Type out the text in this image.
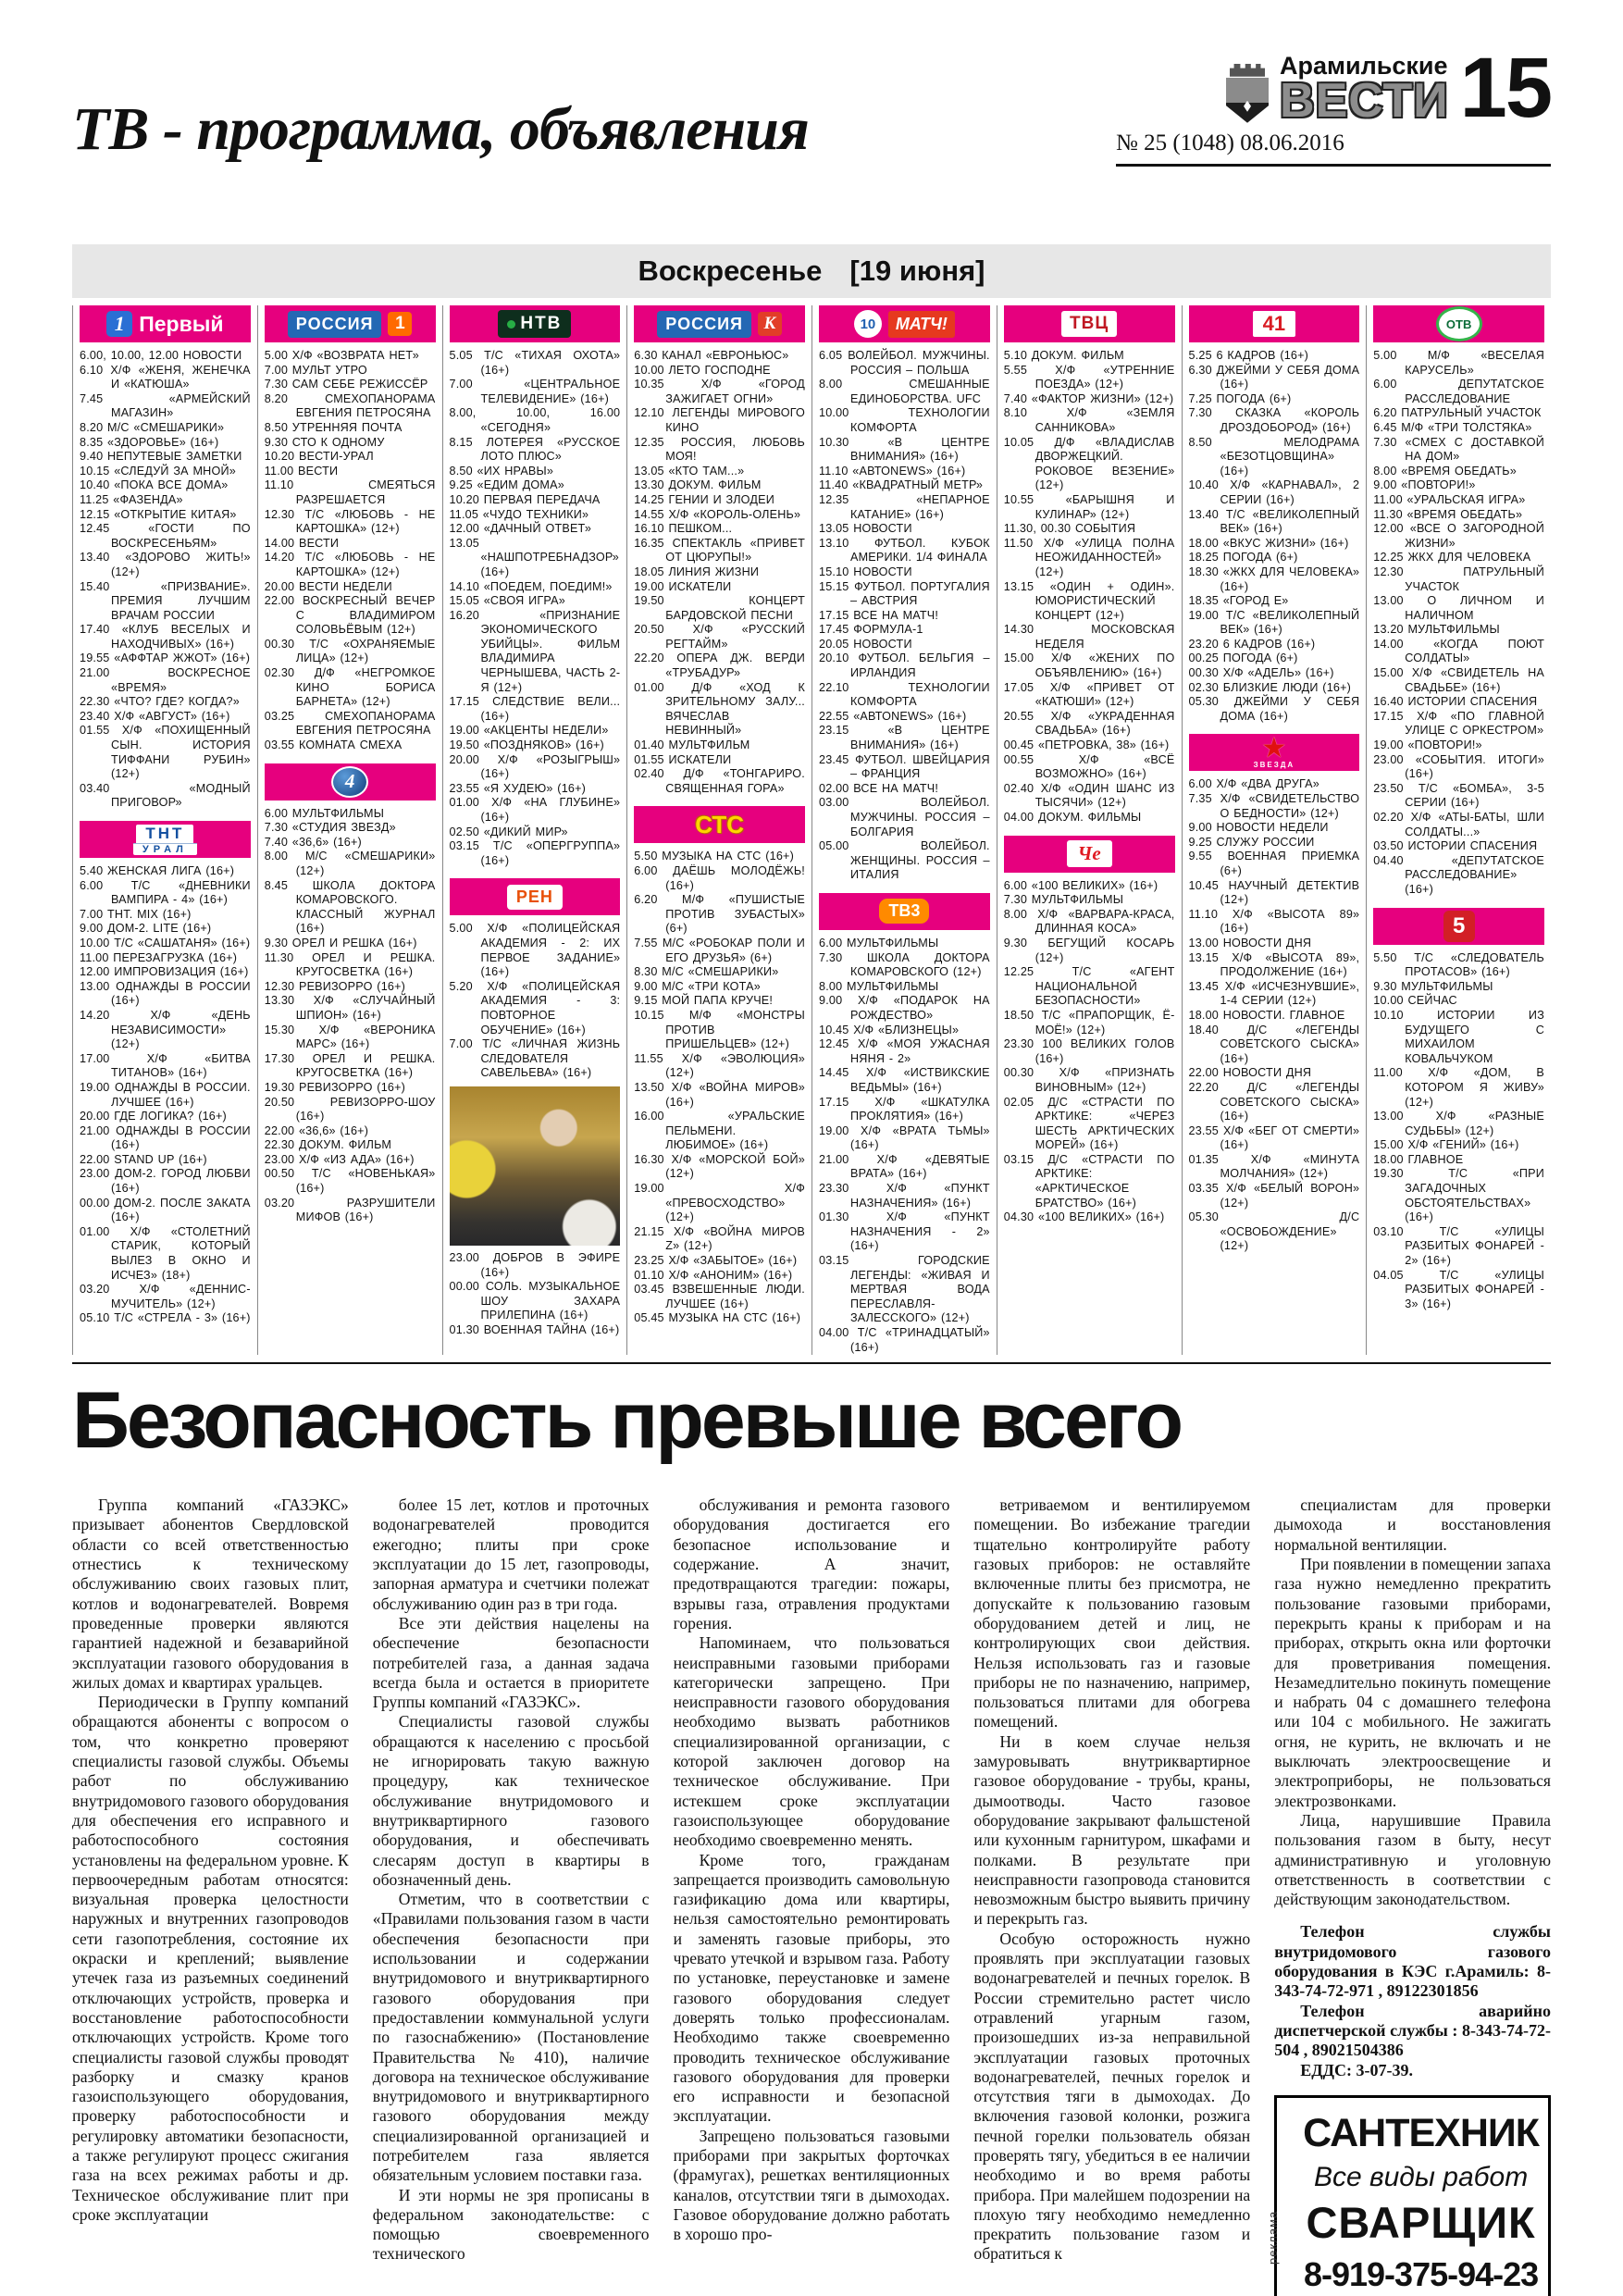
ТВ - программа, объявления
Арамильские
ВЕСТИ 15
№ 25 (1048) 08.06.2016
Воскресенье [19 июня]
1 Первый

6.00, 10.00, 12.00 НОВОСТИ

6.10 Х/Ф «ЖЕНЯ, ЖЕНЕЧКА И «КАТЮША»

7.45 «АРМЕЙСКИЙ МАГАЗИН»

8.20 М/С «СМЕШАРИКИ»

8.35 «ЗДОРОВЬЕ» (16+)

9.40 НЕПУТЕВЫЕ ЗАМЕТКИ

10.15 «СЛЕДУЙ ЗА МНОЙ»

10.40 «ПОКА ВСЕ ДОМА»

11.25 «ФАЗЕНДА»

12.15 «ОТКРЫТИЕ КИТАЯ»

12.45 «ГОСТИ ПО ВОСКРЕСЕНЬЯМ»

13.40 «ЗДОРОВО ЖИТЬ!» (12+)

15.40 «ПРИЗВАНИЕ». ПРЕМИЯ ЛУЧШИМ ВРАЧАМ РОССИИ

17.40 «КЛУБ ВЕСЕЛЫХ И НАХОДЧИВЫХ» (16+)

19.55 «АФФТАР ЖЖОТ» (16+)

21.00 ВОСКРЕСНОЕ «ВРЕМЯ»

22.30 «ЧТО? ГДЕ? КОГДА?»

23.40 Х/Ф «АВГУСТ» (16+)

01.55 Х/Ф «ПОХИЩЕННЫЙ СЫН. ИСТОРИЯ ТИФФАНИ РУБИН» (12+)

03.40 «МОДНЫЙ ПРИГОВОР»

ТНТ
УРАЛ

5.40 ЖЕНСКАЯ ЛИГА (16+)

6.00 Т/С «ДНЕВНИКИ ВАМПИРА - 4» (16+)

7.00 ТНТ. MIX (16+)

9.00 ДОМ-2. LITE (16+)

10.00 Т/С «САШАТАНЯ» (16+)

11.00 ПЕРЕЗАГРУЗКА (16+)

12.00 ИМПРОВИЗАЦИЯ (16+)

13.00 ОДНАЖДЫ В РОССИИ (16+)

14.20 Х/Ф «ДЕНЬ НЕЗАВИСИМОСТИ» (12+)

17.00 Х/Ф «БИТВА ТИТАНОВ» (16+)

19.00 ОДНАЖДЫ В РОССИИ. ЛУЧШЕЕ (16+)

20.00 ГДЕ ЛОГИКА? (16+)

21.00 ОДНАЖДЫ В РОССИИ (16+)

22.00 STAND UP (16+)

23.00 ДОМ-2. ГОРОД ЛЮБВИ (16+)

00.00 ДОМ-2. ПОСЛЕ ЗАКАТА (16+)

01.00 Х/Ф «СТОЛЕТНИЙ СТАРИК, КОТОРЫЙ ВЫЛЕЗ В ОКНО И ИСЧЕЗ» (18+)

03.20 Х/Ф «ДЕННИС-МУЧИТЕЛЬ» (12+)

05.10 Т/С «СТРЕЛА - 3» (16+)

1
РОССИЯ

5.00 Х/Ф «ВОЗВРАТА НЕТ»

7.00 МУЛЬТ УТРО

7.30 САМ СЕБЕ РЕЖИССЁР

8.20 СМЕХОПАНОРАМА ЕВГЕНИЯ ПЕТРОСЯНА

8.50 УТРЕННЯЯ ПОЧТА

9.30 СТО К ОДНОМУ

10.20 ВЕСТИ-УРАЛ

11.00 ВЕСТИ

11.10 СМЕЯТЬСЯ РАЗРЕШАЕТСЯ

12.30 Т/С «ЛЮБОВЬ - НЕ КАРТОШКА» (12+)

14.00 ВЕСТИ

14.20 Т/С «ЛЮБОВЬ - НЕ КАРТОШКА» (12+)

20.00 ВЕСТИ НЕДЕЛИ

22.00 ВОСКРЕСНЫЙ ВЕЧЕР С ВЛАДИМИРОМ СОЛОВЬЁВЫМ (12+)

00.30 Т/С «ОХРАНЯЕМЫЕ ЛИЦА» (12+)

02.30 Д/Ф «НЕГРОМКОЕ КИНО БОРИСА БАРНЕТА» (12+)

03.25 СМЕХОПАНОРАМА ЕВГЕНИЯ ПЕТРОСЯНА

03.55 КОМНАТА СМЕХА

4

6.00 МУЛЬТФИЛЬМЫ

7.30 «СТУДИЯ ЗВЕЗД»

7.40 «36,6» (16+)

8.00 М/С «СМЕШАРИКИ» (12+)

8.45 ШКОЛА ДОКТОРА КОМАРОВСКОГО. КЛАССНЫЙ ЖУРНАЛ (16+)

9.30 ОРЕЛ И РЕШКА (16+)

11.30 ОРЕЛ И РЕШКА. КРУГОСВЕТКА (16+)

12.30 РЕВИЗОРРО (16+)

13.30 Х/Ф «СЛУЧАЙНЫЙ ШПИОН» (16+)

15.30 Х/Ф «ВЕРОНИКА МАРС» (16+)

17.30 ОРЕЛ И РЕШКА. КРУГОСВЕТКА (16+)

19.30 РЕВИЗОРРО (16+)

20.50 РЕВИЗОРРО-ШОУ (16+)

22.00 «36,6» (16+)

22.30 ДОКУМ. ФИЛЬМ

23.00 Х/Ф «ИЗ АДА» (16+)

00.50 Т/С «НОВЕНЬКАЯ» (16+)

03.20 РАЗРУШИТЕЛИ МИФОВ (16+)

НТВ

5.05 Т/С «ТИХАЯ ОХОТА» (16+)

7.00 «ЦЕНТРАЛЬНОЕ ТЕЛЕВИДЕНИЕ» (16+)

8.00, 10.00, 16.00 «СЕГОДНЯ»

8.15 ЛОТЕРЕЯ «РУССКОЕ ЛОТО ПЛЮС»

8.50 «ИХ НРАВЫ»

9.25 «ЕДИМ ДОМА»

10.20 ПЕРВАЯ ПЕРЕДАЧА

11.05 «ЧУДО ТЕХНИКИ»

12.00 «ДАЧНЫЙ ОТВЕТ»

13.05 «НАШПОТРЕБНАДЗОР» (16+)

14.10 «ПОЕДЕМ, ПОЕДИМ!»

15.05 «СВОЯ ИГРА»

16.20 «ПРИЗНАНИЕ ЭКОНОМИЧЕСКОГО УБИЙЦЫ». ФИЛЬМ ВЛАДИМИРА ЧЕРНЫШЕВА, ЧАСТЬ 2-Я (12+)

17.15 СЛЕДСТВИЕ ВЕЛИ... (16+)

19.00 «АКЦЕНТЫ НЕДЕЛИ»

19.50 «ПОЗДНЯКОВ» (16+)

20.00 Х/Ф «РОЗЫГРЫШ» (16+)

23.55 «Я ХУДЕЮ» (16+)

01.00 Х/Ф «НА ГЛУБИНЕ» (16+)

02.50 «ДИКИЙ МИР»

03.15 Т/С «ОПЕРГРУППА» (16+)

РЕН

5.00 Х/Ф «ПОЛИЦЕЙСКАЯ АКАДЕМИЯ - 2: ИХ ПЕРВОЕ ЗАДАНИЕ» (16+)

5.20 Х/Ф «ПОЛИЦЕЙСКАЯ АКАДЕМИЯ - 3: ПОВТОРНОЕ ОБУЧЕНИЕ» (16+)

7.00 Т/С «ЛИЧНАЯ ЖИЗНЬ СЛЕДОВАТЕЛЯ САВЕЛЬЕВА» (16+)

23.00 ДОБРОВ В ЭФИРЕ (16+)

00.00 СОЛЬ. МУЗЫКАЛЬНОЕ ШОУ ЗАХАРА ПРИЛЕПИНА (16+)

01.30 ВОЕННАЯ ТАЙНА (16+)

К
РОССИЯ

6.30 КАНАЛ «ЕВРОНЬЮС»

10.00 ЛЕТО ГОСПОДНЕ

10.35 Х/Ф «ГОРОД ЗАЖИГАЕТ ОГНИ»

12.10 ЛЕГЕНДЫ МИРОВОГО КИНО

12.35 РОССИЯ, ЛЮБОВЬ МОЯ!

13.05 «КТО ТАМ...»

13.30 ДОКУМ. ФИЛЬМ

14.25 ГЕНИИ И ЗЛОДЕИ

14.55 Х/Ф «КОРОЛЬ-ОЛЕНЬ»

16.10 ПЕШКОМ...

16.35 СПЕКТАКЛЬ «ПРИВЕТ ОТ ЦЮРУПЫ!»

18.05 ЛИНИЯ ЖИЗНИ

19.00 ИСКАТЕЛИ

19.50 КОНЦЕРТ БАРДОВСКОЙ ПЕСНИ

20.50 Х/Ф «РУССКИЙ РЕГТАЙМ»

22.20 ОПЕРА ДЖ. ВЕРДИ «ТРУБАДУР»

01.00 Д/Ф «ХОД К ЗРИТЕЛЬНОМУ ЗАЛУ... ВЯЧЕСЛАВ НЕВИННЫЙ»

01.40 МУЛЬТФИЛЬМ

01.55 ИСКАТЕЛИ

02.40 Д/Ф «ТОНГАРИРО. СВЯЩЕННАЯ ГОРА»

СТС

5.50 МУЗЫКА НА СТС (16+)

6.00 ДАЁШЬ МОЛОДЁЖЬ! (16+)

6.20 М/Ф «ПУШИСТЫЕ ПРОТИВ ЗУБАСТЫХ» (6+)

7.55 М/С «РОБОКАР ПОЛИ И ЕГО ДРУЗЬЯ» (6+)

8.30 М/С «СМЕШАРИКИ»

9.00 М/С «ТРИ КОТА»

9.15 МОЙ ПАПА КРУЧЕ!

10.15 М/Ф «МОНСТРЫ ПРОТИВ ПРИШЕЛЬЦЕВ» (12+)

11.55 Х/Ф «ЭВОЛЮЦИЯ» (12+)

13.50 Х/Ф «ВОЙНА МИРОВ» (16+)

16.00 «УРАЛЬСКИЕ ПЕЛЬМЕНИ. ЛЮБИМОЕ» (16+)

16.30 Х/Ф «МОРСКОЙ БОЙ» (12+)

19.00 Х/Ф «ПРЕВОСХОДСТВО» (12+)

21.15 Х/Ф «ВОЙНА МИРОВ Z» (12+)

23.25 Х/Ф «ЗАБЫТОЕ» (16+)

01.10 Х/Ф «АНОНИМ» (16+)

03.45 ВЗВЕШЕННЫЕ ЛЮДИ. ЛУЧШЕЕ (16+)

05.45 МУЗЫКА НА СТС (16+)

10	МАТЧ!

6.05 ВОЛЕЙБОЛ. МУЖЧИНЫ. РОССИЯ – ПОЛЬША

8.00 СМЕШАННЫЕ ЕДИНОБОРСТВА. UFC

10.00 ТЕХНОЛОГИИ КОМФОРТА

10.30 «В ЦЕНТРЕ ВНИМАНИЯ» (16+)

11.10 «АВТОNEWS» (16+)

11.40 «КВАДРАТНЫЙ МЕТР»

12.35 «НЕПАРНОЕ КАТАНИЕ» (16+)

13.05 НОВОСТИ

13.10 ФУТБОЛ. КУБОК АМЕРИКИ. 1/4 ФИНАЛА

15.10 НОВОСТИ

15.15 ФУТБОЛ. ПОРТУГАЛИЯ – АВСТРИЯ

17.15 ВСЕ НА МАТЧ!

17.45 ФОРМУЛА-1

20.05 НОВОСТИ

20.10 ФУТБОЛ. БЕЛЬГИЯ – ИРЛАНДИЯ

22.10 ТЕХНОЛОГИИ КОМФОРТА

22.55 «АВТОNEWS» (16+)

23.15 «В ЦЕНТРЕ ВНИМАНИЯ» (16+)

23.45 ФУТБОЛ. ШВЕЙЦАРИЯ – ФРАНЦИЯ

02.00 ВСЕ НА МАТЧ!

03.00 ВОЛЕЙБОЛ. МУЖЧИНЫ. РОССИЯ – БОЛГАРИЯ

05.00 ВОЛЕЙБОЛ. ЖЕНЩИНЫ. РОССИЯ – ИТАЛИЯ

ТВ3

6.00 МУЛЬТФИЛЬМЫ

7.30 ШКОЛА ДОКТОРА КОМАРОВСКОГО (12+)

8.00 МУЛЬТФИЛЬМЫ

9.00 Х/Ф «ПОДАРОК НА РОЖДЕСТВО»

10.45 Х/Ф «БЛИЗНЕЦЫ»

12.45 Х/Ф «МОЯ УЖАСНАЯ НЯНЯ - 2»

14.45 Х/Ф «ИСТВИКСКИЕ ВЕДЬМЫ» (16+)

17.15 Х/Ф «ШКАТУЛКА ПРОКЛЯТИЯ» (16+)

19.00 Х/Ф «ВРАТА ТЬМЫ» (16+)

21.00 Х/Ф «ДЕВЯТЫЕ ВРАТА» (16+)

23.30 Х/Ф «ПУНКТ НАЗНАЧЕНИЯ» (16+)

01.30 Х/Ф «ПУНКТ НАЗНАЧЕНИЯ - 2» (16+)

03.15 ГОРОДСКИЕ ЛЕГЕНДЫ: «ЖИВАЯ И МЕРТВАЯ ВОДА ПЕРЕСЛАВЛЯ-ЗАЛЕССКОГО» (12+)

04.00 Т/С «ТРИНАДЦАТЫЙ» (16+)

ТВЦ

5.10 ДОКУМ. ФИЛЬМ

5.55 Х/Ф «УТРЕННИЕ ПОЕЗДА» (12+)

7.40 «ФАКТОР ЖИЗНИ» (12+)

8.10 Х/Ф «ЗЕМЛЯ САННИКОВА»

10.05 Д/Ф «ВЛАДИСЛАВ ДВОРЖЕЦКИЙ. РОКОВОЕ ВЕЗЕНИЕ» (12+)

10.55 «БАРЫШНЯ И КУЛИНАР» (12+)

11.30, 00.30 СОБЫТИЯ

11.50 Х/Ф «УЛИЦА ПОЛНА НЕОЖИДАННОСТЕЙ» (12+)

13.15 «ОДИН + ОДИН». ЮМОРИСТИЧЕСКИЙ КОНЦЕРТ (12+)

14.30 МОСКОВСКАЯ НЕДЕЛЯ

15.00 Х/Ф «ЖЕНИХ ПО ОБЪЯВЛЕНИЮ» (16+)

17.05 Х/Ф «ПРИВЕТ ОТ «КАТЮШИ» (12+)

20.55 Х/Ф «УКРАДЕННАЯ СВАДЬБА» (16+)

00.45 «ПЕТРОВКА, 38» (16+)

00.55 Х/Ф «ВСЁ ВОЗМОЖНО» (16+)

02.40 Х/Ф «ОДИН ШАНС ИЗ ТЫСЯЧИ» (12+)

04.00 ДОКУМ. ФИЛЬМЫ

Че

6.00 «100 ВЕЛИКИХ» (16+)

7.30 МУЛЬТФИЛЬМЫ

8.00 Х/Ф «ВАРВАРА-КРАСА, ДЛИННАЯ КОСА»

9.30 БЕГУЩИЙ КОСАРЬ (12+)

12.25 Т/С «АГЕНТ НАЦИОНАЛЬНОЙ БЕЗОПАСНОСТИ»

18.50 Т/С «ПРАПОРЩИК, Ё-МОЁ!» (12+)

23.30 100 ВЕЛИКИХ ГОЛОВ (16+)

00.30 Х/Ф «ПРИЗНАТЬ ВИНОВНЫМ» (12+)

02.05 Д/С «СТРАСТИ ПО АРКТИКЕ: «ЧЕРЕЗ ШЕСТЬ АРКТИЧЕСКИХ МОРЕЙ» (16+)

03.15 Д/С «СТРАСТИ ПО АРКТИКЕ: «АРКТИЧЕСКОЕ БРАТСТВО» (16+)

04.30 «100 ВЕЛИКИХ» (16+)

41

5.25 6 КАДРОВ (16+)

6.30 ДЖЕЙМИ У СЕБЯ ДОМА (16+)

7.25 ПОГОДА (6+)

7.30 СКАЗКА «КОРОЛЬ ДРОЗДОБОРОД» (16+)

8.50 МЕЛОДРАМА «БЕЗОТЦОВЩИНА» (16+)

10.40 Х/Ф «КАРНАВАЛ», 2 СЕРИИ (16+)

13.40 Т/С «ВЕЛИКОЛЕПНЫЙ ВЕК» (16+)

18.00 «ВКУС ЖИЗНИ» (16+)

18.25 ПОГОДА (6+)

18.30 «ЖКХ ДЛЯ ЧЕЛОВЕКА» (16+)

18.35 «ГОРОД Е»

19.00 Т/С «ВЕЛИКОЛЕПНЫЙ ВЕК» (16+)

23.20 6 КАДРОВ (16+)

00.25 ПОГОДА (6+)

00.30 Х/Ф «АДЕЛЬ» (16+)

02.30 БЛИЗКИЕ ЛЮДИ (16+)

05.30 ДЖЕЙМИ У СЕБЯ ДОМА (16+)

★
ЗВЕЗДА

6.00 Х/Ф «ДВА ДРУГА»

7.35 Х/Ф «СВИДЕТЕЛЬСТВО О БЕДНОСТИ» (12+)

9.00 НОВОСТИ НЕДЕЛИ

9.25 СЛУЖУ РОССИИ

9.55 ВОЕННАЯ ПРИЕМКА (6+)

10.45 НАУЧНЫЙ ДЕТЕКТИВ (12+)

11.10 Х/Ф «ВЫСОТА 89» (16+)

13.00 НОВОСТИ ДНЯ

13.15 Х/Ф «ВЫСОТА 89», ПРОДОЛЖЕНИЕ (16+)

13.45 Х/Ф «ИСЧЕЗНУВШИЕ», 1-4 СЕРИИ (12+)

18.00 НОВОСТИ. ГЛАВНОЕ

18.40 Д/С «ЛЕГЕНДЫ СОВЕТСКОГО СЫСКА» (16+)

22.00 НОВОСТИ ДНЯ

22.20 Д/С «ЛЕГЕНДЫ СОВЕТСКОГО СЫСКА» (16+)

23.55 Х/Ф «БЕГ ОТ СМЕРТИ» (16+)

01.35 Х/Ф «МИНУТА МОЛЧАНИЯ» (12+)

03.35 Х/Ф «БЕЛЫЙ ВОРОН» (12+)

05.30 Д/С «ОСВОБОЖДЕНИЕ» (12+)

ОТВ

5.00 М/Ф «ВЕСЕЛАЯ КАРУСЕЛЬ»

6.00 ДЕПУТАТСКОЕ РАССЛЕДОВАНИЕ

6.20 ПАТРУЛЬНЫЙ УЧАСТОК

6.45 М/Ф «ТРИ ТОЛСТЯКА»

7.30 «СМЕХ С ДОСТАВКОЙ НА ДОМ»

8.00 «ВРЕМЯ ОБЕДАТЬ»

9.00 «ПОВТОРИ!»

11.00 «УРАЛЬСКАЯ ИГРА»

11.30 «ВРЕМЯ ОБЕДАТЬ»

12.00 «ВСЕ О ЗАГОРОДНОЙ ЖИЗНИ»

12.25 ЖКХ ДЛЯ ЧЕЛОВЕКА

12.30 ПАТРУЛЬНЫЙ УЧАСТОК

13.00 О ЛИЧНОМ И НАЛИЧНОМ

13.20 МУЛЬТФИЛЬМЫ

14.00 «КОГДА ПОЮТ СОЛДАТЫ»

15.00 Х/Ф «СВИДЕТЕЛЬ НА СВАДЬБЕ» (16+)

16.40 ИСТОРИИ СПАСЕНИЯ

17.15 Х/Ф «ПО ГЛАВНОЙ УЛИЦЕ С ОРКЕСТРОМ»

19.00 «ПОВТОРИ!»

23.00 «СОБЫТИЯ. ИТОГИ» (16+)

23.50 Т/С «БОМБА», 3-5 СЕРИИ (16+)

02.20 Х/Ф «АТЫ-БАТЫ, ШЛИ СОЛДАТЫ...»

03.50 ИСТОРИИ СПАСЕНИЯ

04.40 «ДЕПУТАТСКОЕ РАССЛЕДОВАНИЕ» (16+)

5

5.50 Т/С «СЛЕДОВАТЕЛЬ ПРОТАСОВ» (16+)

9.30 МУЛЬТФИЛЬМЫ

10.00 СЕЙЧАС

10.10 ИСТОРИИ ИЗ БУДУЩЕГО С МИХАИЛОМ КОВАЛЬЧУКОМ

11.00 Х/Ф «ДОМ, В КОТОРОМ Я ЖИВУ» (12+)

13.00 Х/Ф «РАЗНЫЕ СУДЬБЫ» (12+)

15.00 Х/Ф «ГЕНИЙ» (16+)

18.00 ГЛАВНОЕ

19.30 Т/С «ПРИ ЗАГАДОЧНЫХ ОБСТОЯТЕЛЬСТВАХ» (16+)

03.10 Т/С «УЛИЦЫ РАЗБИТЫХ ФОНАРЕЙ - 2» (16+)

04.05 Т/С «УЛИЦЫ РАЗБИТЫХ ФОНАРЕЙ - 3» (16+)

Безопасность превыше всего

Группа компаний «ГАЗЭКС» призывает абонентов Свердловской области со всей ответственностью отнестись к техническому обслуживанию своих газовых плит, котлов и водонагревателей. Вовремя проведенные проверки являются гарантией надежной и безаварийной эксплуатации газового оборудования в жилых домах и квартирах уральцев.

Периодически в Группу компаний обращаются абоненты с вопросом о том, что конкретно проверяют специалисты газовой службы. Объемы работ по обслуживанию внутридомового газового оборудования для обеспечения его исправного и работоспособного состояния установлены на федеральном уровне. К первоочередным работам относятся: визуальная проверка целостности наружных и внутренних газопроводов сети газопотребления, состояние их окраски и креплений; выявление утечек газа из разъемных соединений отключающих устройств, проверка и восстановление работоспособности отключающих устройств. Кроме того специалисты газовой службы проводят разборку и смазку кранов газоиспользующего оборудования, проверку работоспособности и регулировку автоматики безопасности, а также регулируют процесс сжигания газа на всех режимах работы и др. Техническое обслуживание плит при сроке эксплуатации

более 15 лет, котлов и проточных водонагревателей проводится ежегодно; плиты при сроке эксплуатации до 15 лет, газопроводы, запорная арматура и счетчики полежат обслуживанию один раз в три года.

Все эти действия нацелены на обеспечение безопасности потребителей газа, а данная задача всегда была и остается в приоритете Группы компаний «ГАЗЭКС».

Специалисты газовой службы обращаются к населению с просьбой не игнорировать такую важную процедуру, как техническое обслуживание внутридомового и внутриквартирного газового оборудования, и обеспечивать слесарям доступ в квартиры в обозначенный день.

Отметим, что в соответствии с «Правилами пользования газом в части обеспечения безопасности при использовании и содержании внутридомового и внутриквартирного газового оборудования при предоставлении коммунальной услуги по газоснабжению» (Постановление Правительства №410), наличие договора на техническое обслуживание внутридомового и внутриквартирного газового оборудования между специализированной организацией и потребителем газа является обязательным условием поставки газа.

И эти нормы не зря прописаны в федеральном законодательстве: с помощью своевременного технического

обслуживания и ремонта газового оборудования достигается его безопасное использование и содержание. А значит, предотвращаются трагедии: пожары, взрывы газа, отравления продуктами горения.

Напоминаем, что пользоваться неисправными газовыми приборами категорически запрещено. При неисправности газового оборудования необходимо вызвать работников специализированной организации, с которой заключен договор на техническое обслуживание. При истекшем сроке эксплуатации газоиспользующее оборудование необходимо своевременно менять.

Кроме того, гражданам запрещается производить самовольную газификацию дома или квартиры, нельзя самостоятельно ремонтировать и заменять газовые приборы, это чревато утечкой и взрывом газа. Работу по установке, переустановке и замене газового оборудования следует доверять только профессионалам. Необходимо также своевременно проводить техническое обслуживание газового оборудования для проверки его исправности и безопасной эксплуатации.

Запрещено пользоваться газовыми приборами при закрытых форточках (фрамугах), решетках вентиляционных каналов, отсутствии тяги в дымоходах. Газовое оборудование должно работать в хорошо про-

ветриваемом и вентилируемом помещении. Во избежание трагедии тщательно контролируйте работу газовых приборов: не оставляйте включенные плиты без присмотра, не допускайте к пользованию газовым оборудованием детей и лиц, не контролирующих свои действия. Нельзя использовать газ и газовые приборы не по назначению, например, пользоваться плитами для обогрева помещений.

Ни в коем случае нельзя замуровывать внутриквартирное газовое оборудование - трубы, краны, дымоотводы. Часто газовое оборудование закрывают фальшстеной или кухонным гарнитуром, шкафами и полками. В результате при неисправности газопровода становится невозможным быстро выявить причину и перекрыть газ.

Особую осторожность нужно проявлять при эксплуатации газовых водонагревателей и печных горелок. В России стремительно растет число отравлений угарным газом, произошедших из-за неправильной эксплуатации газовых проточных водонагревателей, печных горелок и отсутствия тяги в дымоходах. До включения газовой колонки, розжига печной горелки пользователь обязан проверять тягу, убедиться в ее наличии необходимо и во время работы прибора. При малейшем подозрении на плохую тягу необходимо немедленно прекратить пользование газом и обратиться к

специалистам для проверки дымохода и восстановления нормальной вентиляции.

При появлении в помещении запаха газа нужно немедленно прекратить пользование газовыми приборами, перекрыть краны к приборам и на приборах, открыть окна или форточки для проветривания помещения. Незамедлительно покинуть помещение и набрать 04 с домашнего телефона или 104 с мобильного. Не зажигать огня, не курить, не включать и не выключать электроосвещение и электроприборы, не пользоваться электрозвонками.

Лица, нарушившие Правила пользования газом в быту, несут административную и уголовную ответственность в соответствии с действующим законодательством.

Телефон службы внутридомового газового оборудования в КЭС г.Арамиль: 8-343-74-72-971 , 89122301856

Телефон аварийно диспетчерской службы : 8-343-74-72-504 , 89021504386

ЕДДС: 3-07-39.

реклама
САНТЕХНИК
Все виды работ
СВАРЩИК
8-919-375-94-23
